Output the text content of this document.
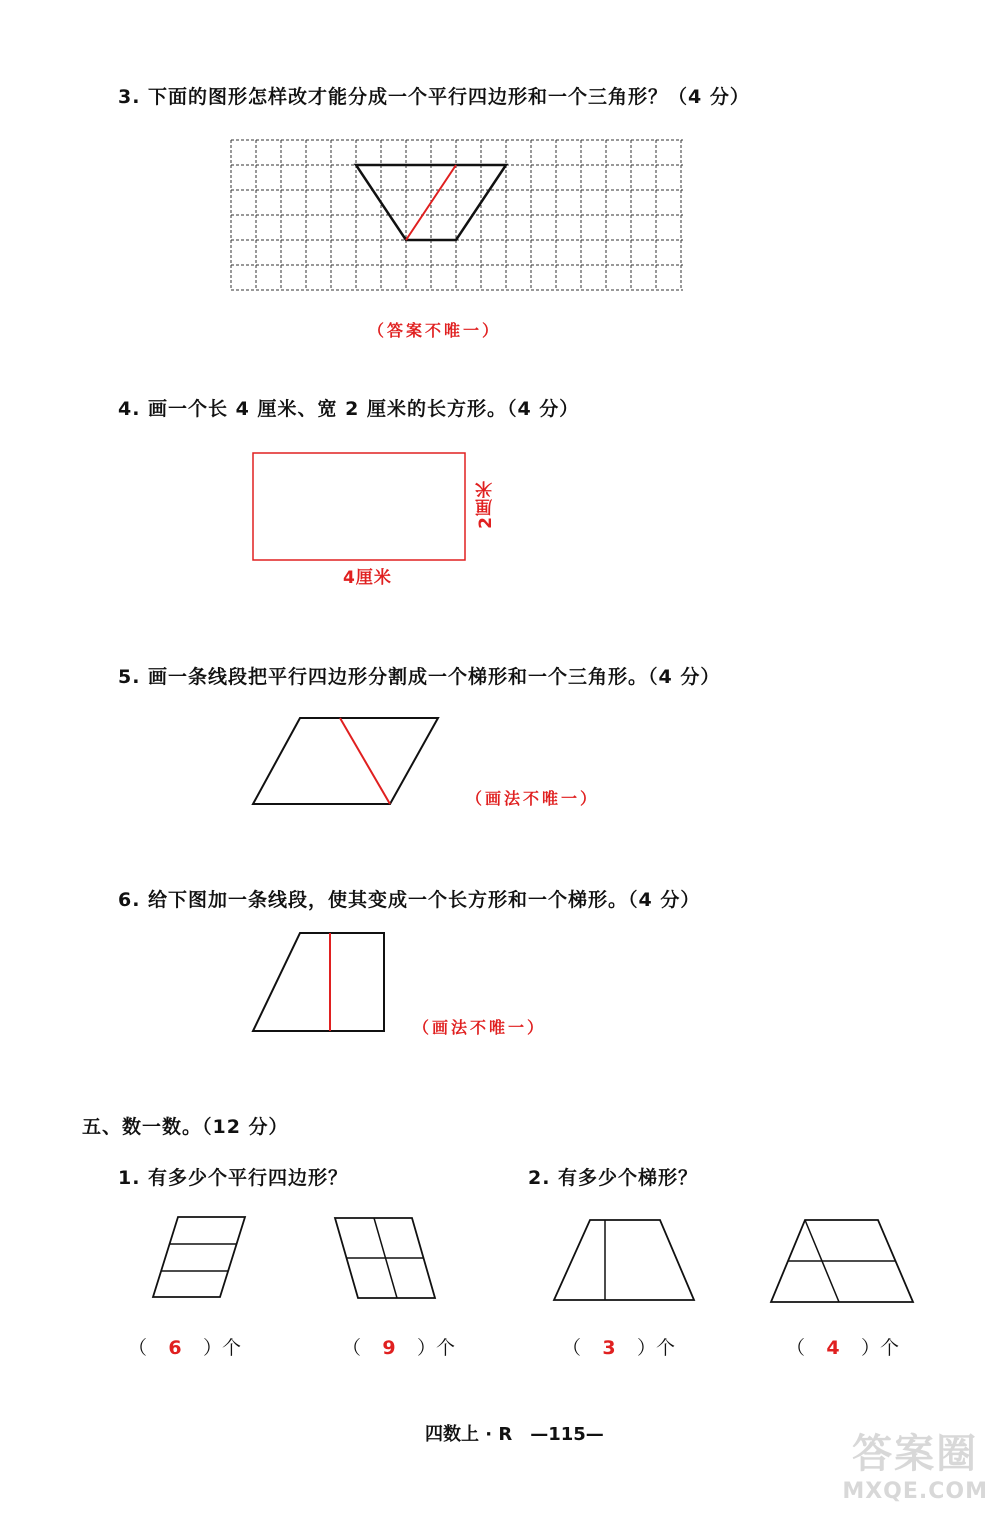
3. 下面的图形怎样改才能分成一个平行四边形和一个三角形？（4 分）
（答案不唯一）
4. 画一个长 4 厘米、宽 2 厘米的长方形。（4 分）
4厘米
2厘米
5. 画一条线段把平行四边形分割成一个梯形和一个三角形。（4 分）
（画法不唯一）
6. 给下图加一条线段，使其变成一个长方形和一个梯形。（4 分）
（画法不唯一）
五、数一数。（12 分）
1. 有多少个平行四边形？	2. 有多少个梯形？
（ 6 ）个	（ 9 ）个	（ 3 ）个	（ 4 ）个
四数上 · R　—115—	答案圈
MXQE.COM
